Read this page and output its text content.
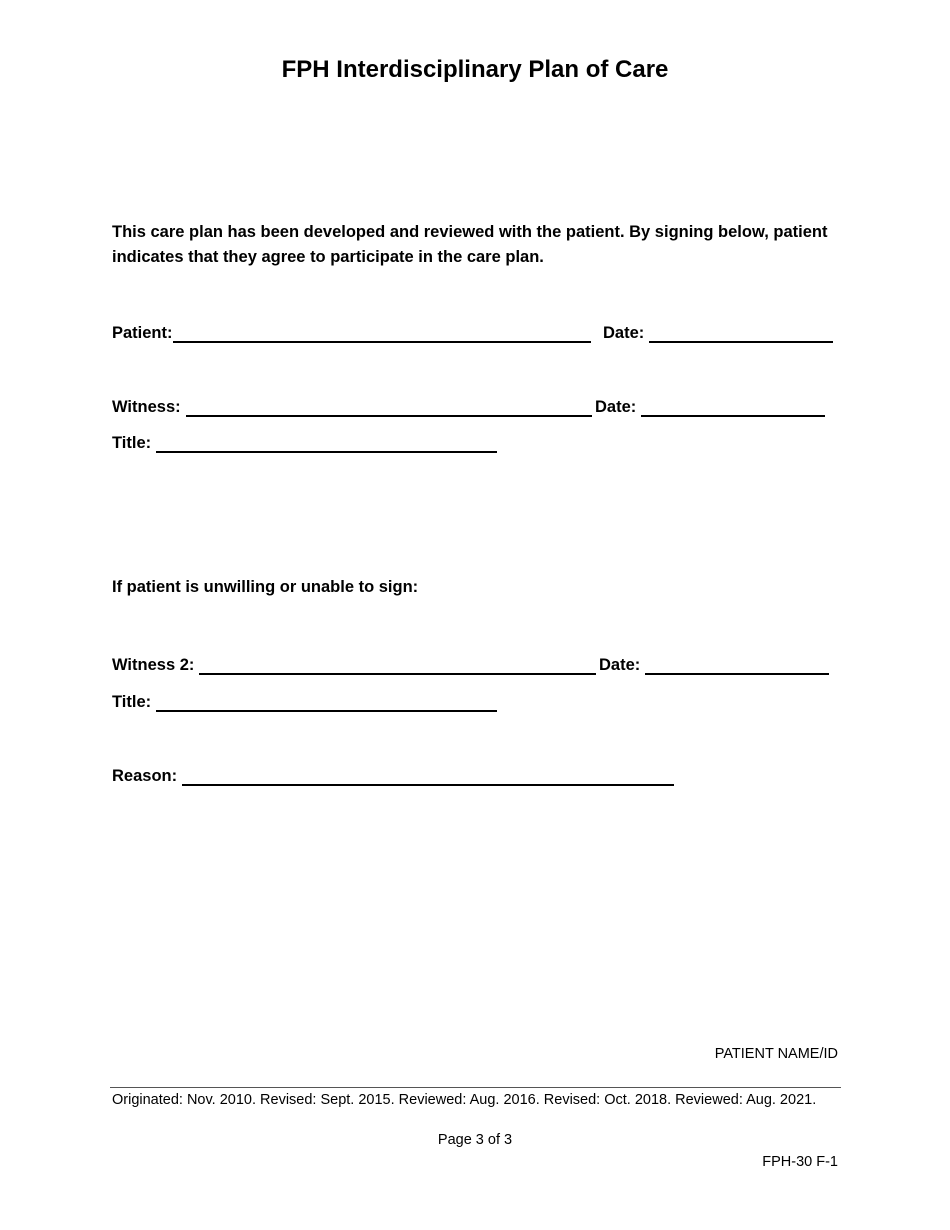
FPH Interdisciplinary Plan of Care

This care plan has been developed and reviewed with the patient. By signing below, patient indicates that they agree to participate in the care plan.

Patient:	Date:
Witness:	Date:
Title:

If patient is unwilling or unable to sign:

Witness 2:	Date:
Title:
Reason:
PATIENT NAME/ID
Originated: Nov. 2010. Revised: Sept. 2015. Reviewed: Aug. 2016. Revised: Oct. 2018. Reviewed: Aug. 2021.
Page 3 of 3
FPH-30 F-1
